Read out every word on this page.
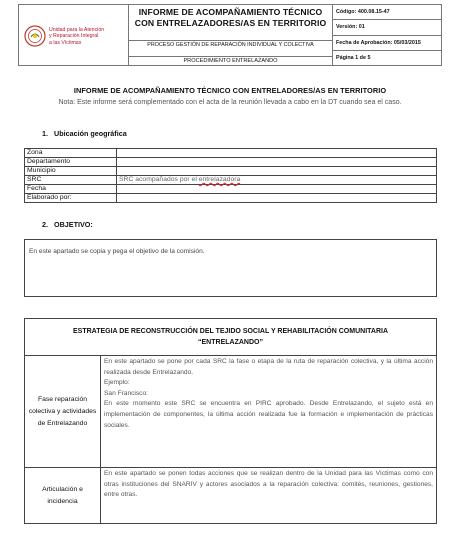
Unidad para la Atención
y Reparación Integral
a las Víctimas
INFORME DE ACOMPAÑAMIENTO TÉCNICO CON ENTRELAZADORES/AS EN TERRITORIO
PROCESO GESTIÓN DE REPARACIÓN INDIVIDUAL Y COLECTIVA
PROCEDIMIENTO ENTRELAZANDO
Código: 400.08.15-47
Versión: 01
Fecha de Aprobación: 05/03/2015
Página 1 de 5
INFORME DE ACOMPAÑAMIENTO TÉCNICO CON ENTRELADORES/AS EN TERRITORIO
Nota: Este informe será complementado con el acta de la reunión llevada a cabo en la DT cuando sea el caso.
1. Ubicación geográfica
Zona	
Departamento	
Municipio	
SRC	SRC acompañados por el entrelazadora
Fecha	
Elaborado por:	
2. OBJETIVO:
En este apartado se copia y pega el objetivo de la comisión.
ESTRATEGIA DE RECONSTRUCCIÓN DEL TEJIDO SOCIAL Y REHABILITACIÓN COMUNITARIA
“ENTRELAZANDO”
Fase reparación colectiva y actividades de Entrelazando
En este apartado se pone por cada SRC la fase o etapa de la ruta de reparación colectiva, y la última acción realizada desde Entrelazando.
Ejemplo:
San Francisco:
En este momento este SRC se encuentra en PIRC aprobado. Desde Entrelazando, el sujeto está en implementación de componentes, la última acción realizada fue la formación e implementación de prácticas sociales.
Articulación e incidencia
En este apartado se ponen todas acciones que se realizan dentro de la Unidad para las Víctimas como con otras instituciones del SNARIV y actores asociados a la reparación colectiva: comités, reuniones, gestiones, entre otras.
